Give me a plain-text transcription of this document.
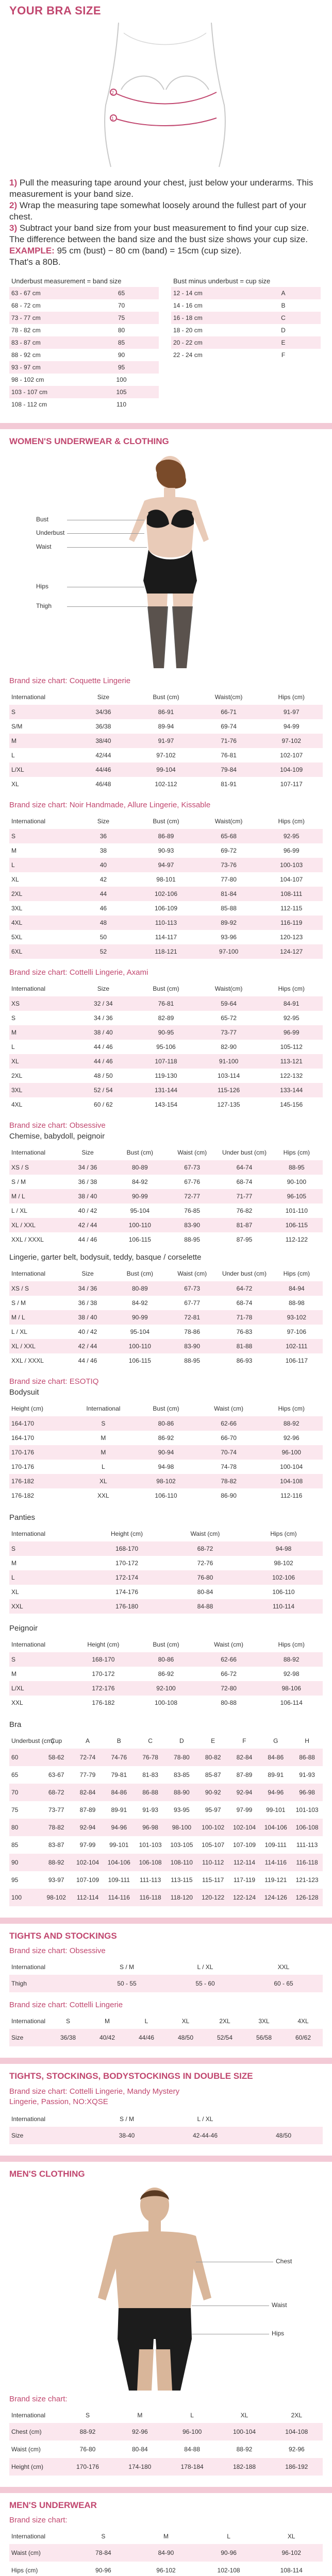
YOUR BRA SIZE
2
1

1) Pull the measuring tape around your chest, just below your underarms. This measurement is your band size.

2) Wrap the measuring tape somewhat loosely around the fullest part of your chest.

3) Subtract your band size from your bust measurement to find your cup size.

The difference between the band size and the bust size shows your cup size.

EXAMPLE: 95 cm (bust) − 80 cm (band) = 15cm (cup size).

That's a 80B.

Underbust measurement = band size
63 - 67 cm	65
68 - 72 cm	70
73 - 77 cm	75
78 - 82 cm	80
83 - 87 cm	85
88 - 92 cm	90
93 - 97 cm	95
98 - 102 cm	100
103 - 107 cm	105
108 - 112 cm	110
Bust minus underbust = cup size
12 - 14 cm	A
14 - 16 cm	B
16 - 18 cm	C
18 - 20 cm	D
20 - 22 cm	E
22 - 24 cm	F
WOMEN'S UNDERWEAR & CLOTHING
Bust
Underbust
Waist
Hips
Thigh
Brand size chart: Coquette Lingerie
International	Size	Bust (cm)	Waist(cm)	Hips (cm)
S	34/36	86-91	66-71	91-97
S/M	36/38	89-94	69-74	94-99
M	38/40	91-97	71-76	97-102
L	42/44	97-102	76-81	102-107
L/XL	44/46	99-104	79-84	104-109
XL	46/48	102-112	81-91	107-117
Brand size chart: Noir Handmade, Allure Lingerie, Kissable
International	Size	Bust (cm)	Waist(cm)	Hips (cm)
S	36	86-89	65-68	92-95
M	38	90-93	69-72	96-99
L	40	94-97	73-76	100-103
XL	42	98-101	77-80	104-107
2XL	44	102-106	81-84	108-111
3XL	46	106-109	85-88	112-115
4XL	48	110-113	89-92	116-119
5XL	50	114-117	93-96	120-123
6XL	52	118-121	97-100	124-127
Brand size chart: Cottelli Lingerie, Axami
International	Size	Bust (cm)	Waist(cm)	Hips (cm)
XS	32 / 34	76-81	59-64	84-91
S	34 / 36	82-89	65-72	92-95
M	38 / 40	90-95	73-77	96-99
L	44 / 46	95-106	82-90	105-112
XL	44 / 46	107-118	91-100	113-121
2XL	48 / 50	119-130	103-114	122-132
3XL	52 / 54	131-144	115-126	133-144
4XL	60 / 62	143-154	127-135	145-156
Brand size chart: Obsessive
Chemise, babydoll, peignoir
International	Size	Bust (cm)	Waist (cm)	Under bust (cm)	Hips (cm)
XS / S	34 / 36	80-89	67-73	64-74	88-95
S / M	36 / 38	84-92	67-76	68-74	90-100
M / L	38 / 40	90-99	72-77	71-77	96-105
L / XL	40 / 42	95-104	76-85	76-82	101-110
XL / XXL	42 / 44	100-110	83-90	81-87	106-115
XXL / XXXL	44 / 46	106-115	88-95	87-95	112-122
Lingerie, garter belt, bodysuit, teddy, basque / corselette
International	Size	Bust (cm)	Waist (cm)	Under bust (cm)	Hips (cm)
XS / S	34 / 36	80-89	67-73	64-72	84-94
S / M	36 / 38	84-92	67-77	68-74	88-98
M / L	38 / 40	90-99	72-81	71-78	93-102
L / XL	40 / 42	95-104	78-86	76-83	97-106
XL / XXL	42 / 44	100-110	83-90	81-88	102-111
XXL / XXXL	44 / 46	106-115	88-95	86-93	106-117
Brand size chart: ESOTIQ
Bodysuit
Height (cm)	International	Bust (cm)	Waist (cm)	Hips (cm)
164-170	S	80-86	62-66	88-92
164-170	M	86-92	66-70	92-96
170-176	M	90-94	70-74	96-100
170-176	L	94-98	74-78	100-104
176-182	XL	98-102	78-82	104-108
176-182	XXL	106-110	86-90	112-116
Panties
International	Height (cm)	Waist (cm)	Hips (cm)
S	168-170	68-72	94-98
M	170-172	72-76	98-102
L	172-174	76-80	102-106
XL	174-176	80-84	106-110
XXL	176-180	84-88	110-114
Peignoir
International	Height (cm)	Bust (cm)	Waist (cm)	Hips (cm)
S	168-170	80-86	62-66	88-92
M	170-172	86-92	66-72	92-98
L/XL	172-176	92-100	72-80	98-106
XXL	176-182	100-108	80-88	106-114
Bra
Underbust (cm)	Cup	A	B	C	D	E	F	G	H
60	58-62	72-74	74-76	76-78	78-80	80-82	82-84	84-86	86-88
65	63-67	77-79	79-81	81-83	83-85	85-87	87-89	89-91	91-93
70	68-72	82-84	84-86	86-88	88-90	90-92	92-94	94-96	96-98
75	73-77	87-89	89-91	91-93	93-95	95-97	97-99	99-101	101-103
80	78-82	92-94	94-96	96-98	98-100	100-102	102-104	104-106	106-108
85	83-87	97-99	99-101	101-103	103-105	105-107	107-109	109-111	111-113
90	88-92	102-104	104-106	106-108	108-110	110-112	112-114	114-116	116-118
95	93-97	107-109	109-111	111-113	113-115	115-117	117-119	119-121	121-123
100	98-102	112-114	114-116	116-118	118-120	120-122	122-124	124-126	126-128
TIGHTS AND STOCKINGS
Brand size chart: Obsessive
International	S / M	L / XL	XXL
Thigh	50 - 55	55 - 60	60 - 65
Brand size chart: Cottelli Lingerie
International	S	M	L	XL	2XL	3XL	4XL
Size	36/38	40/42	44/46	48/50	52/54	56/58	60/62
TIGHTS, STOCKINGS, BODYSTOCKINGS IN DOUBLE SIZE
Brand size chart: Cottelli Lingerie, Mandy Mystery Lingerie, Passion, NO:XQSE
International	S / M	L / XL	
Size	38-40	42-44-46	48/50
MEN'S CLOTHING
Chest
Waist
Hips
Brand size chart:
International	S	M	L	XL	2XL
Chest (cm)	88-92	92-96	96-100	100-104	104-108
Waist (cm)	76-80	80-84	84-88	88-92	92-96
Height (cm)	170-176	174-180	178-184	182-188	186-192
MEN'S UNDERWEAR
Brand size chart:
International	S	M	L	XL
Waist (cm)	78-84	84-90	90-96	96-102
Hips (cm)	90-96	96-102	102-108	108-114
